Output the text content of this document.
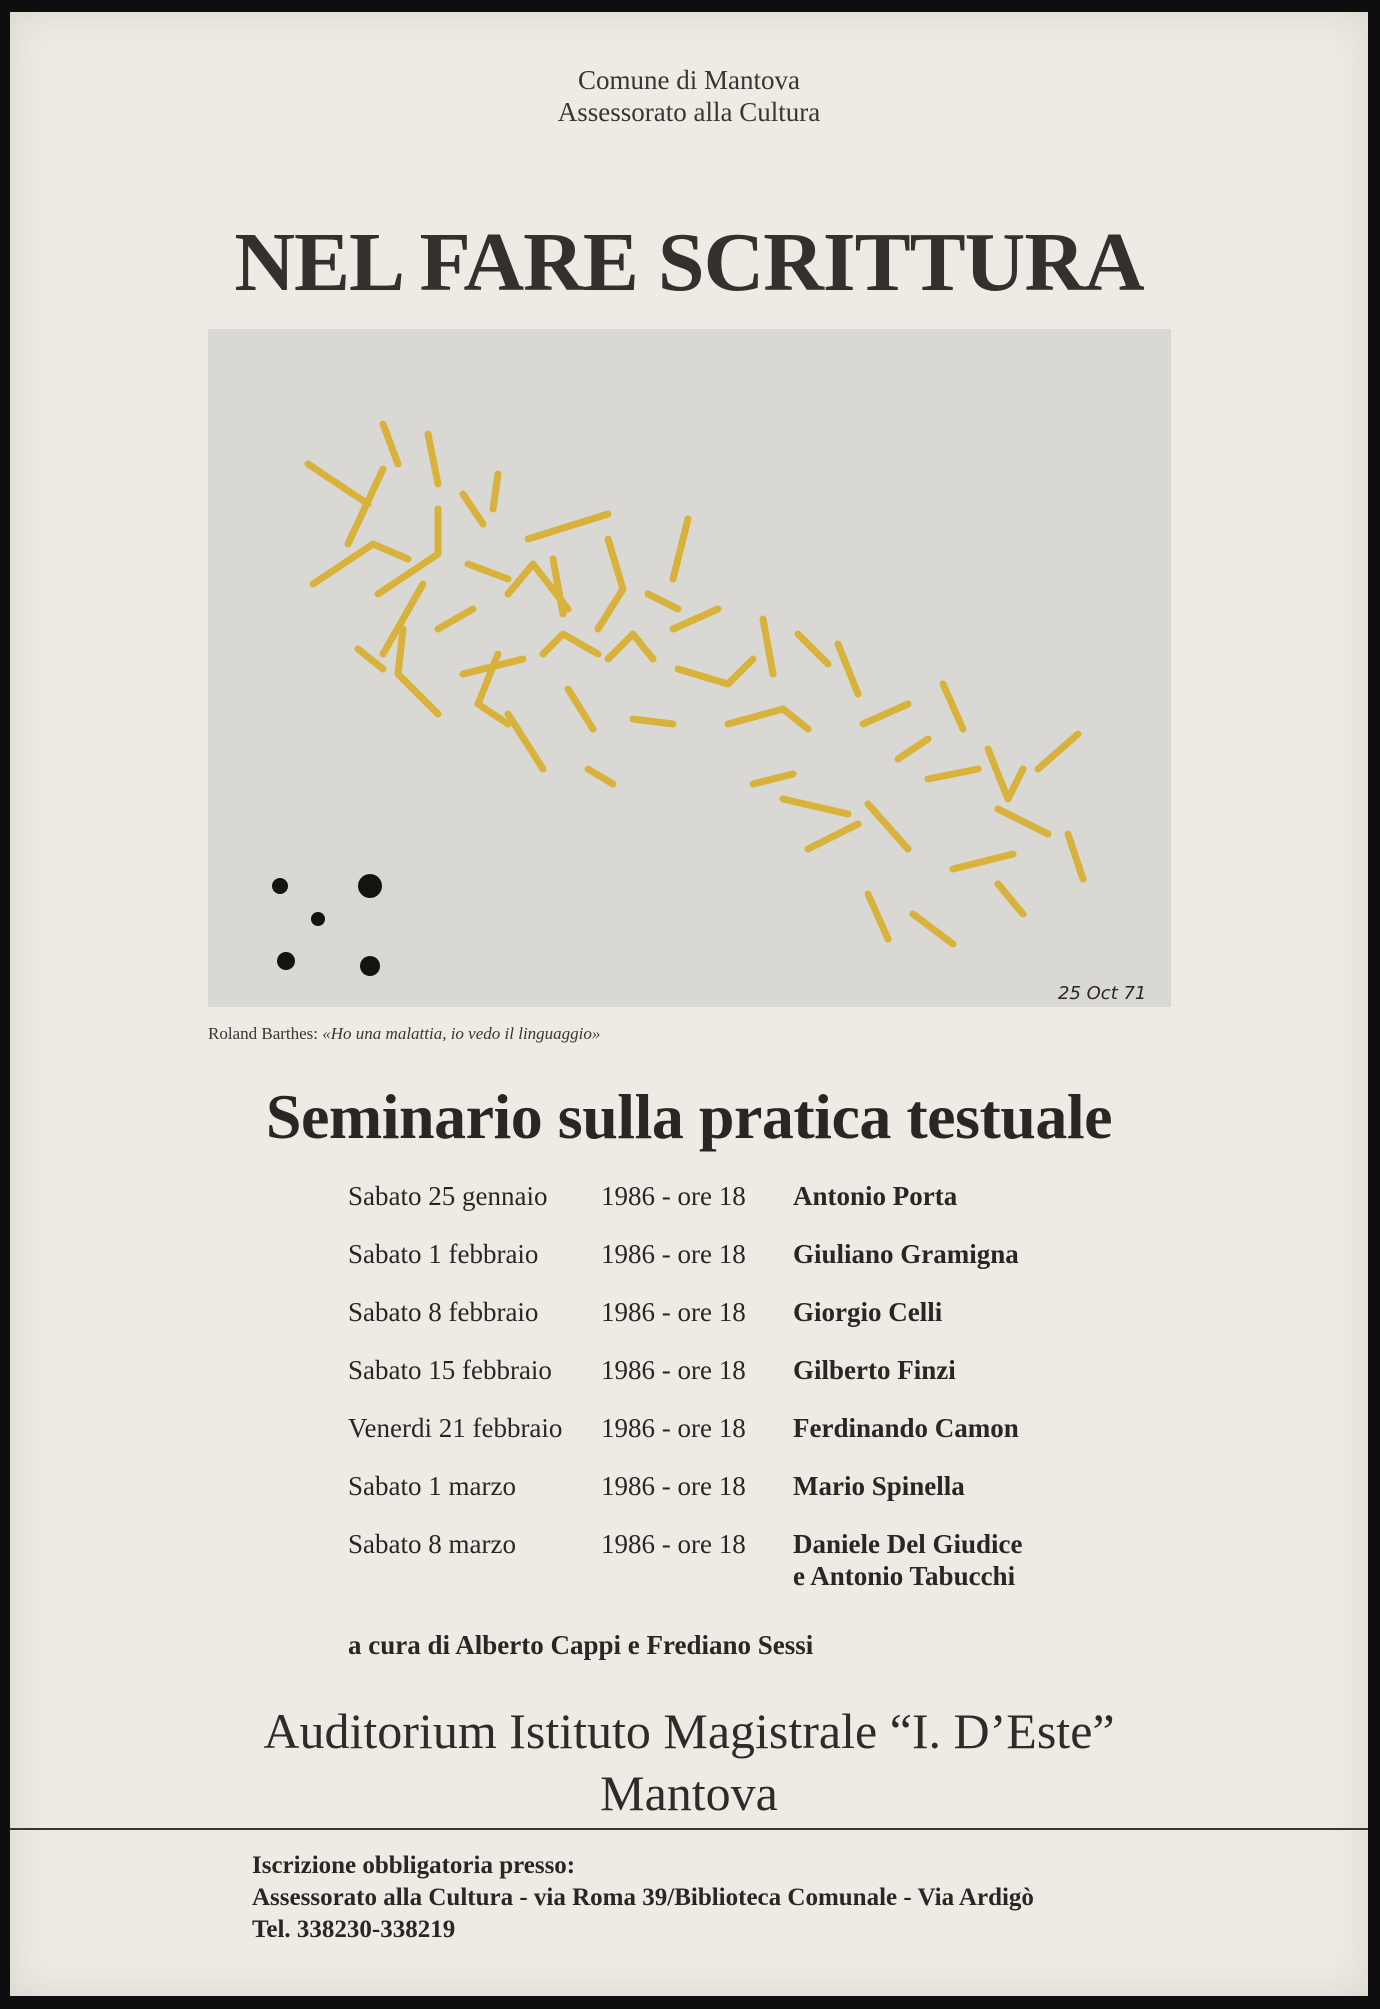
Comune di Mantova
Assessorato alla Cultura
NEL FARE SCRITTURA
25 Oct 71
Roland Barthes: «Ho una malattia, io vedo il linguaggio»
Seminario sulla pratica testuale
Sabato 25 gennaio 1986 - ore 18 Antonio Porta
Sabato 1 febbraio 1986 - ore 18 Giuliano Gramigna
Sabato 8 febbraio 1986 - ore 18 Giorgio Celli
Sabato 15 febbraio 1986 - ore 18 Gilberto Finzi
Venerdi 21 febbraio 1986 - ore 18 Ferdinando Camon
Sabato 1 marzo	1986 - ore 18 Mario Spinella
Sabato 8 marzo	1986 - ore 18 Daniele Del Giudice
e Antonio Tabucchi
a cura di Alberto Cappi e Frediano Sessi
Auditorium Istituto Magistrale “I. D’Este”
Mantova
Iscrizione obbligatoria presso:
Assessorato alla Cultura - via Roma 39/Biblioteca Comunale - Via Ardigò
Tel. 338230-338219
